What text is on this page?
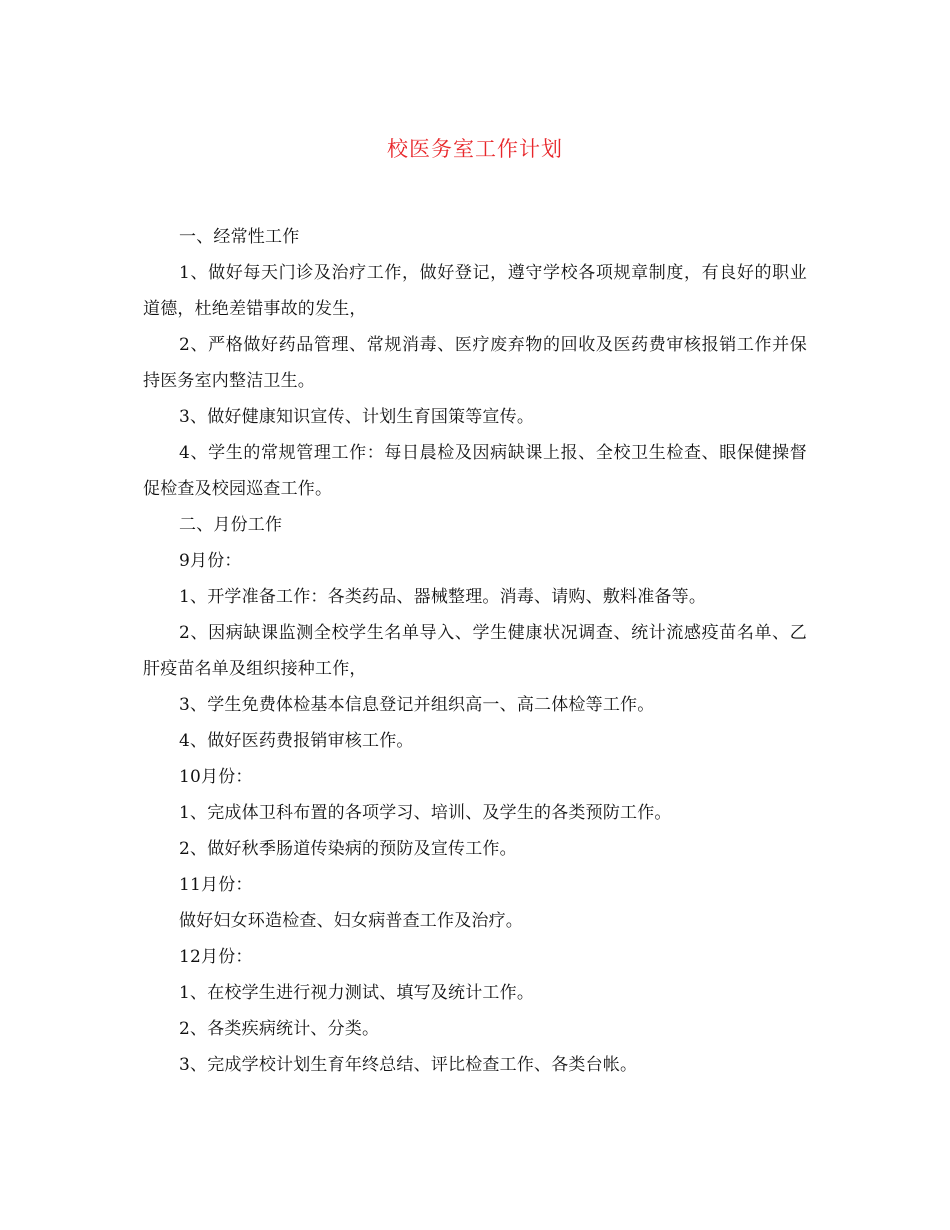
校医务室工作计划

一、经常性工作

1、做好每天门诊及治疗工作，做好登记，遵守学校各项规章制度，有良好的职业道德，杜绝差错事故的发生，

2、严格做好药品管理、常规消毒、医疗废弃物的回收及医药费审核报销工作并保持医务室内整洁卫生。

3、做好健康知识宣传、计划生育国策等宣传。

4、学生的常规管理工作：每日晨检及因病缺课上报、全校卫生检查、眼保健操督促检查及校园巡查工作。

二、月份工作

9月份：

1、开学准备工作：各类药品、器械整理。消毒、请购、敷料准备等。

2、因病缺课监测全校学生名单导入、学生健康状况调查、统计流感疫苗名单、乙肝疫苗名单及组织接种工作，

3、学生免费体检基本信息登记并组织高一、高二体检等工作。

4、做好医药费报销审核工作。

10月份：

1、完成体卫科布置的各项学习、培训、及学生的各类预防工作。

2、做好秋季肠道传染病的预防及宣传工作。

11月份：

做好妇女环造检查、妇女病普查工作及治疗。

12月份：

1、在校学生进行视力测试、填写及统计工作。

2、各类疾病统计、分类。

3、完成学校计划生育年终总结、评比检查工作、各类台帐。
